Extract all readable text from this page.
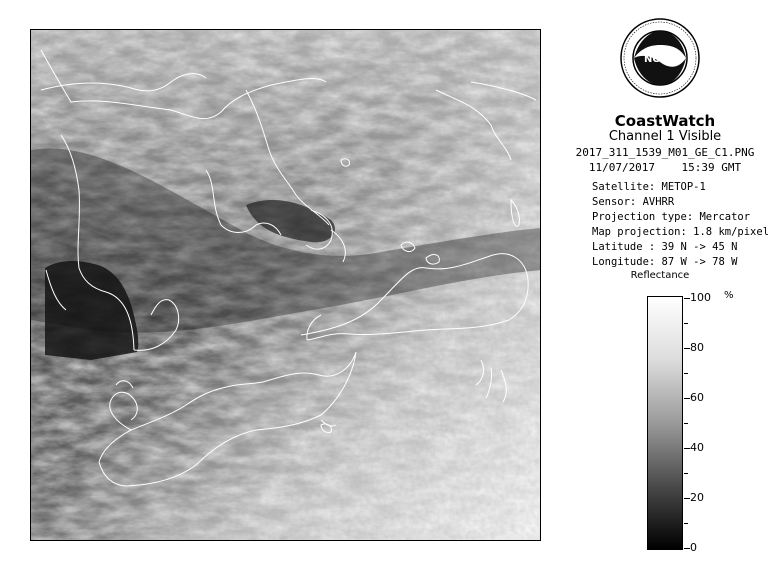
NOAA
CoastWatch
Channel 1 Visible
2017_311_1539_M01_GE_C1.PNG
11/07/2017    15:39 GMT
Satellite: METOP-1
Sensor: AVHRR
Projection type: Mercator
Map projection: 1.8 km/pixel
Latitude : 39 N -> 45 N
Longitude: 87 W -> 78 W
Reflectance
%
100
80
60
40
20
0
